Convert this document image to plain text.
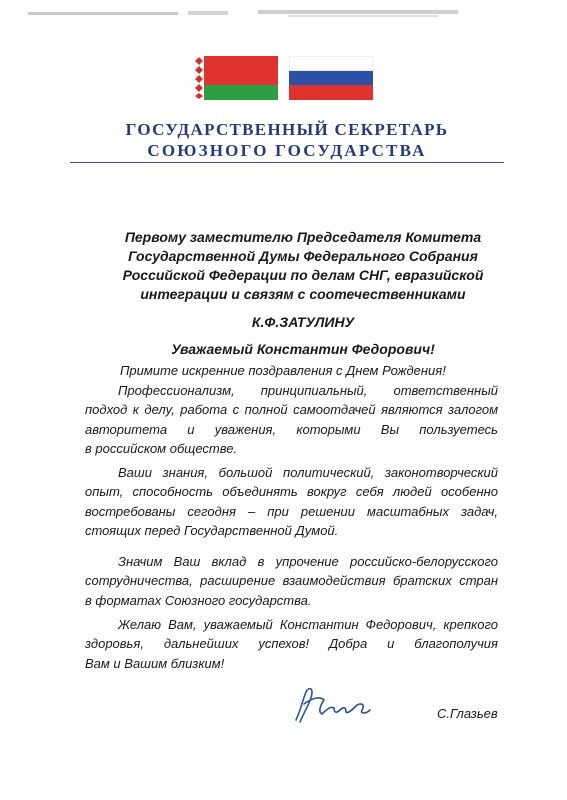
ГОСУДАРСТВЕННЫЙ СЕКРЕТАРЬ
СОЮЗНОГО ГОСУДАРСТВА
Первому заместителю Председателя Комитета
Государственной Думы Федерального Собрания
Российской Федерации по делам СНГ, евразийской
интеграции и связям с соотечественниками
К.Ф.ЗАТУЛИНУ
Уважаемый Константин Федорович!
Примите искренние поздравления с Днем Рождения!
Профессионализм, принципиальный, ответственный
подход к делу, работа с полной самоотдачей являются залогом
авторитета и уважения, которыми Вы пользуетесь
в российском обществе.
Ваши знания, большой политический, законотворческий
опыт, способность объединять вокруг себя людей особенно
востребованы сегодня – при решении масштабных задач,
стоящих перед Государственной Думой.
Значим Ваш вклад в упрочение российско-белорусского
сотрудничества, расширение взаимодействия братских стран
в форматах Союзного государства.
Желаю Вам, уважаемый Константин Федорович, крепкого
здоровья, дальнейших успехов! Добра и благополучия
Вам и Вашим близким!
С.Глазьев
